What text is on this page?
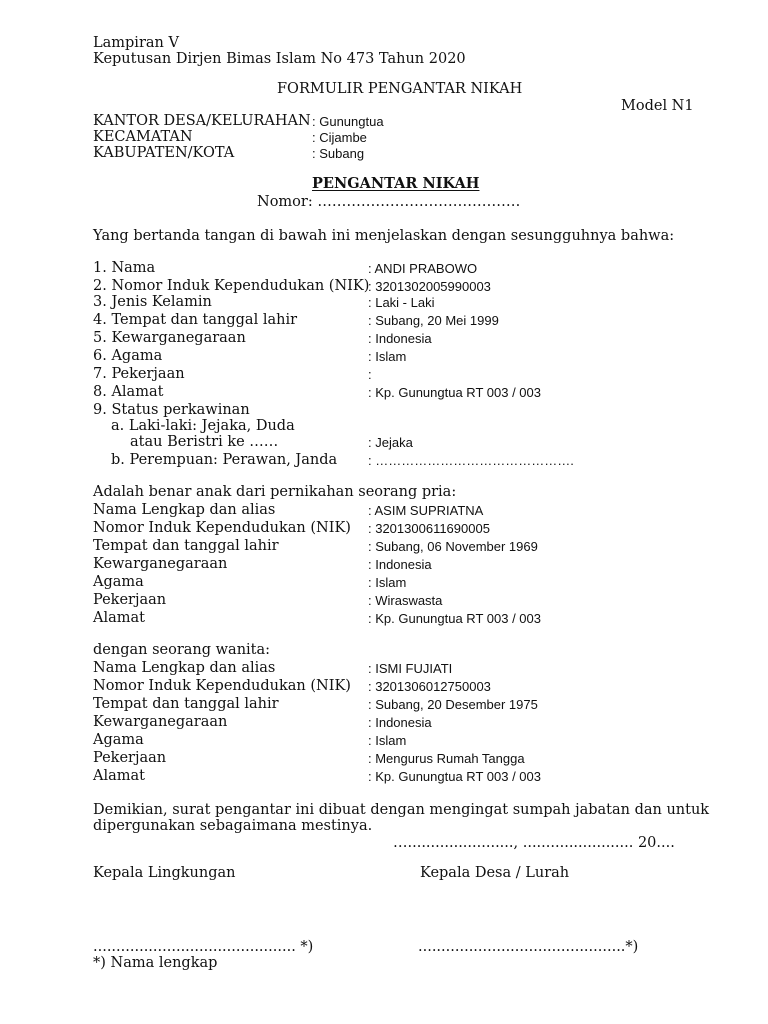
Lampiran V
Keputusan Dirjen Bimas Islam No 473 Tahun 2020
FORMULIR PENGANTAR NIKAH
Model N1
KANTOR DESA/KELURAHAN : Gunungtua
KECAMATAN	: Cijambe
KABUPATEN/KOTA	: Subang
PENGANTAR NIKAH
Nomor: ……………………………………
Yang bertanda tangan di bawah ini menjelaskan dengan sesungguhnya bahwa:
1. Nama	: ANDI PRABOWO
2. Nomor Induk Kependudukan (NIK)
: 3201302005990003
3. Jenis Kelamin	: Laki - Laki
4. Tempat dan tanggal lahir	: Subang, 20 Mei 1999
5. Kewarganegaraan	: Indonesia
6. Agama	: Islam
7. Pekerjaan	:
8. Alamat	: Kp. Gunungtua RT 003 / 003
9. Status perkawinan
a. Laki-laki: Jejaka, Duda
atau Beristri ke ……	: Jejaka
b. Perempuan: Perawan, Janda : ……………………………………….
Adalah benar anak dari pernikahan seorang pria:
Nama Lengkap dan alias	: ASIM SUPRIATNA
Nomor Induk Kependudukan (NIK) : 3201300611690005
Tempat dan tanggal lahir	: Subang, 06 November 1969
Kewarganegaraan	: Indonesia
Agama	: Islam
Pekerjaan	: Wiraswasta
Alamat	: Kp. Gunungtua RT 003 / 003
dengan seorang wanita:
Nama Lengkap dan alias	: ISMI FUJIATI
Nomor Induk Kependudukan (NIK) : 3201306012750003
Tempat dan tanggal lahir	: Subang, 20 Desember 1975
Kewarganegaraan	: Indonesia
Agama	: Islam
Pekerjaan	: Mengurus Rumah Tangga
Alamat	: Kp. Gunungtua RT 003 / 003
Demikian, surat pengantar ini dibuat dengan mengingat sumpah jabatan dan untuk
dipergunakan sebagaimana mestinya.
…......................., ........................ 20....
Kepala Lingkungan	Kepala Desa / Lurah
............................................ *)	.............................................*)
*) Nama lengkap
